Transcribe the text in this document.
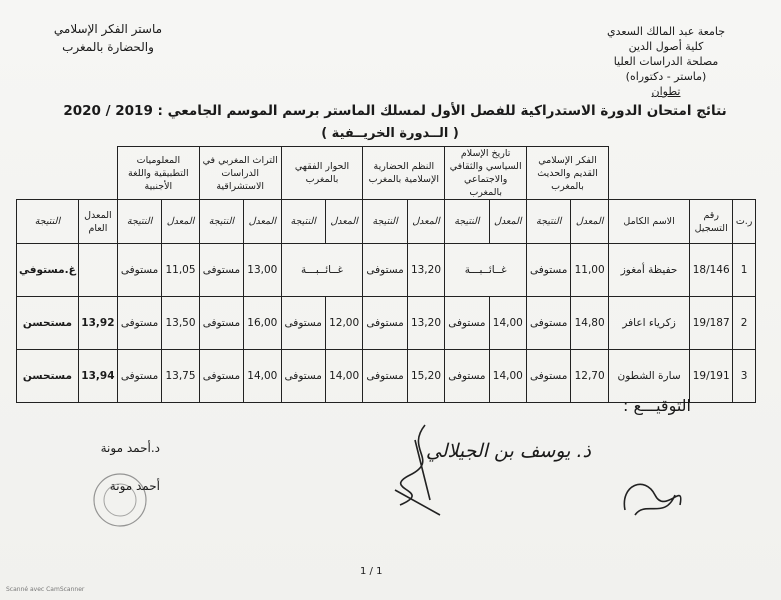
جامعة عبد المالك السعدي
كلية أصول الدين
مصلحة الدراسات العليا
(ماستر - دكتوراه)
تطوان
ماستر الفكر الإسلامي
والحضارة بالمغرب
نتائج امتحان الدورة الاستدراكية للفصل الأول لمسلك الماستر برسم الموسم الجامعي : 2019 / 2020
( الــدورة الخريــفية )
			الفكر الإسلامي القديم والحديث بالمغرب		تاريخ الإسلام السياسي والثقافي والاجتماعي بالمغرب		النظم الحضارية الإسلامية بالمغرب		الحوار الفقهي بالمغرب		التراث المغربي في الدراسات الاستشراقية		المعلوميات التطبيقية واللغة الأجنبية			
ر.ت	رقم التسجيل	الاسم الكامل	المعدل	النتيجة	المعدل	النتيجة	المعدل	النتيجة	المعدل	النتيجة	المعدل	النتيجة	المعدل	النتيجة	المعدل العام	النتيجة
1	18/146	حفيظة أمغوز	11,00	مستوفى	غــائــبـــة		13,20	مستوفى	غــائــبـــة		13,00	مستوفى	11,05	مستوفى		غ.مستوفي
2	19/187	زكرياء اعافر	14,80	مستوفى	14,00	مستوفى	13,20	مستوفى	12,00	مستوفى	16,00	مستوفى	13,50	مستوفى	13,92	مستحسن
3	19/191	سارة الشطون	12,70	مستوفى	14,00	مستوفى	15,20	مستوفى	14,00	مستوفى	14,00	مستوفى	13,75	مستوفى	13,94	مستحسن
التوقيـــع :
ذ. يوسف بن الجيلالي
د.أحمد مونة
أحمد مونة
1 / 1
Scanné avec CamScanner
